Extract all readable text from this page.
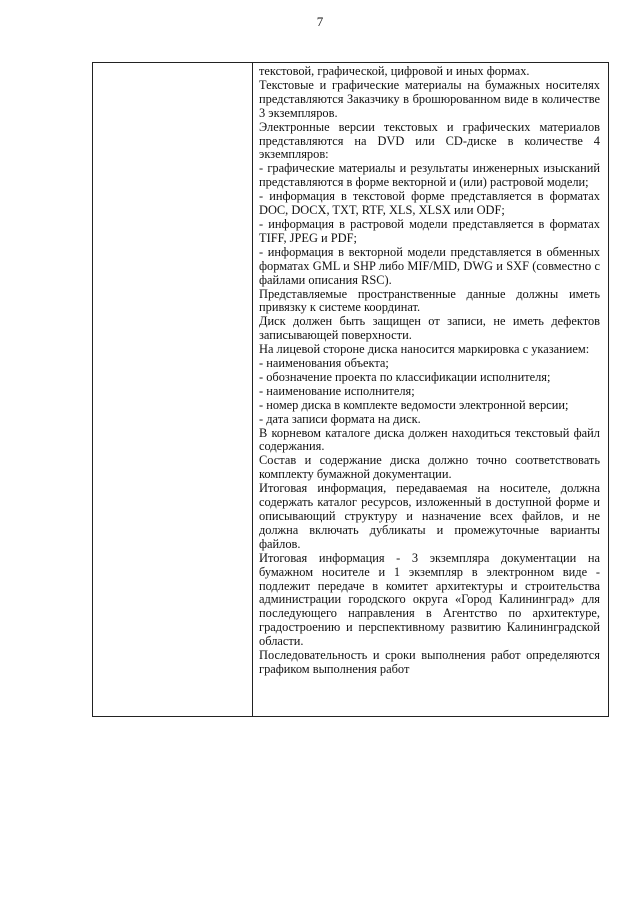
7

текстовой, графической, цифровой и иных формах.

Текстовые и графические материалы на бумажных носителях представляются Заказчику в брошюрованном виде в количестве 3 экземпляров.

Электронные версии текстовых и графических материалов представляются на DVD или CD-диске в количестве 4 экземпляров:

- графические материалы и результаты инженерных изысканий представляются в форме векторной и (или) растровой модели;

- информация в текстовой форме представляется в форматах DOC, DOCX, TXT, RTF, XLS, XLSX или ODF;

- информация в растровой модели представляется в форматах TIFF, JPEG и PDF;

- информация в векторной модели представляется в обменных форматах GML и SHP либо MIF/MID, DWG и SXF (совместно с файлами описания RSC).

Представляемые пространственные данные должны иметь привязку к системе координат.

Диск должен быть защищен от записи, не иметь дефектов записывающей поверхности.

На лицевой стороне диска наносится маркировка с указанием:

- наименования объекта;

- обозначение проекта по классификации исполнителя;

- наименование исполнителя;

- номер диска в комплекте ведомости электронной версии;

- дата записи формата на диск.

В корневом каталоге диска должен находиться текстовый файл содержания.

Состав и содержание диска должно точно соответствовать комплекту бумажной документации.

Итоговая информация, передаваемая на носителе, должна содержать каталог ресурсов, изложенный в доступной форме и описывающий структуру и назначение всех файлов, и не должна включать дубликаты и промежуточные варианты файлов.

Итоговая информация - 3 экземпляра документации на бумажном носителе и 1 экземпляр в электронном виде - подлежит передаче в комитет архитектуры и строительства администрации городского округа «Город Калининград» для последующего направления в Агентство по архитектуре, градостроению и перспективному развитию Калининградской области.

Последовательность и сроки выполнения работ определяются графиком выполнения работ
